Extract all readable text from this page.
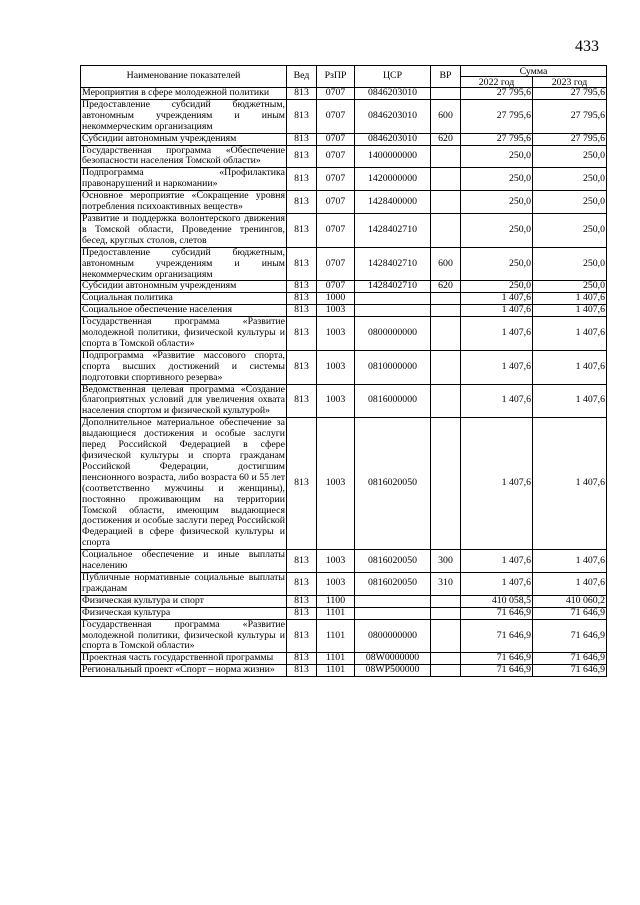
433
Наименование показателей	Вед	РзПР	ЦСР	ВР	Сумма	
					2022 год	2023 год
Мероприятия в сфере молодежной политики	813	0707	0846203010		27 795,6	27 795,6
Предоставление субсидий бюджетным, автономным учреждениям и иным некоммерческим организациям	813	0707	0846203010	600	27 795,6	27 795,6
Субсидии автономным учреждениям	813	0707	0846203010	620	27 795,6	27 795,6
Государственная программа «Обеспечение безопасности населения Томской области»	813	0707	1400000000		250,0	250,0
Подпрограмма «Профилактика правонарушений и наркомании»	813	0707	1420000000		250,0	250,0
Основное мероприятие «Сокращение уровня потребления психоактивных веществ»	813	0707	1428400000		250,0	250,0
Развитие и поддержка волонтерского движения в Томской области, Проведение тренингов, бесед, круглых столов, слетов	813	0707	1428402710		250,0	250,0
Предоставление субсидий бюджетным, автономным учреждениям и иным некоммерческим организациям	813	0707	1428402710	600	250,0	250,0
Субсидии автономным учреждениям	813	0707	1428402710	620	250,0	250,0
Социальная политика	813	1000			1 407,6	1 407,6
Социальное обеспечение населения	813	1003			1 407,6	1 407,6
Государственная программа «Развитие молодежной политики, физической культуры и спорта в Томской области»	813	1003	0800000000		1 407,6	1 407,6
Подпрограмма «Развитие массового спорта, спорта высших достижений и системы подготовки спортивного резерва»	813	1003	0810000000		1 407,6	1 407,6
Ведомственная целевая программа «Создание благоприятных условий для увеличения охвата населения спортом и физической культурой»	813	1003	0816000000		1 407,6	1 407,6
Дополнительное материальное обеспечение за выдающиеся достижения и особые заслуги перед Российской Федерацией в сфере физической культуры и спорта гражданам Российской Федерации, достигшим пенсионного возраста, либо возраста 60 и 55 лет (соответственно мужчины и женщины), постоянно проживающим на территории Томской области, имеющим выдающиеся достижения и особые заслуги перед Российской Федерацией в сфере физической культуры и спорта	813	1003	0816020050		1 407,6	1 407,6
Социальное обеспечение и иные выплаты населению	813	1003	0816020050	300	1 407,6	1 407,6
Публичные нормативные социальные выплаты гражданам	813	1003	0816020050	310	1 407,6	1 407,6
Физическая культура и спорт	813	1100			410 058,5	410 060,2
Физическая культура	813	1101			71 646,9	71 646,9
Государственная программа «Развитие молодежной политики, физической культуры и спорта в Томской области»	813	1101	0800000000		71 646,9	71 646,9
Проектная часть государственной программы	813	1101	08W0000000		71 646,9	71 646,9
Региональный проект «Спорт – норма жизни»	813	1101	08WP500000		71 646,9	71 646,9
